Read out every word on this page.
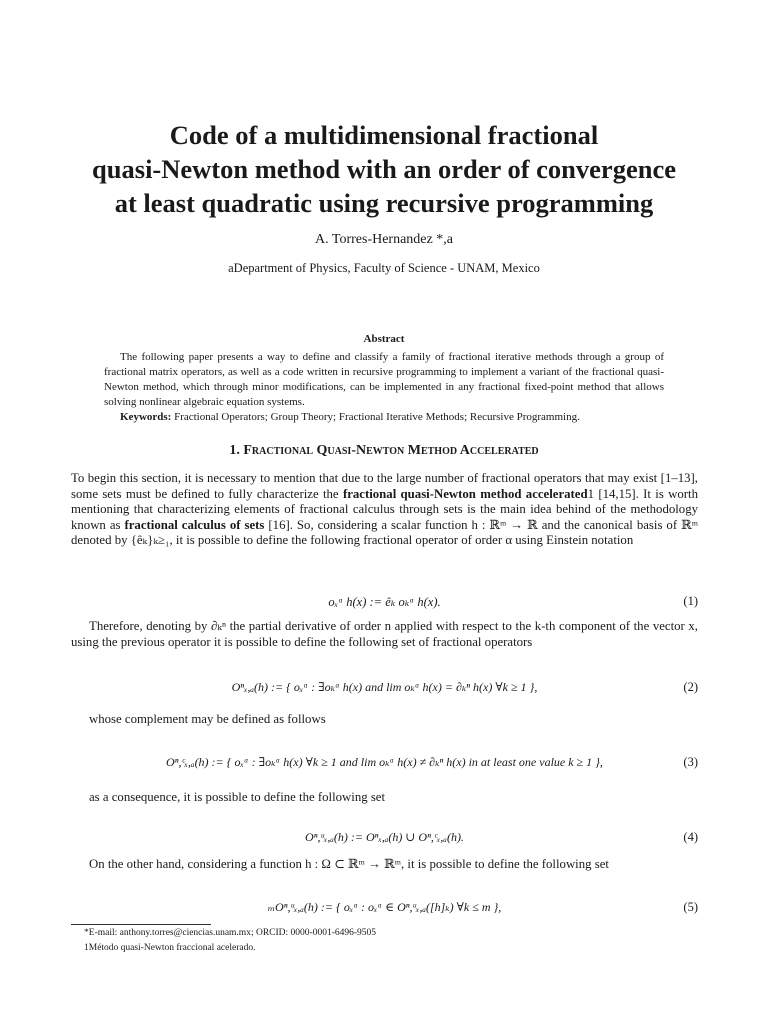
Code of a multidimensional fractional
quasi-Newton method with an order of convergence
at least quadratic using recursive programming
A. Torres-Hernandez *,a
aDepartment of Physics, Faculty of Science - UNAM, Mexico
Abstract

The following paper presents a way to define and classify a family of fractional iterative methods through a group of fractional matrix operators, as well as a code written in recursive programming to implement a variant of the fractional quasi-Newton method, which through minor modifications, can be implemented in any fractional fixed-point method that allows solving nonlinear algebraic equation systems.

Keywords: Fractional Operators; Group Theory; Fractional Iterative Methods; Recursive Programming.

1. Fractional Quasi-Newton Method Accelerated

To begin this section, it is necessary to mention that due to the large number of fractional operators that may exist [1–13], some sets must be defined to fully characterize the fractional quasi-Newton method accelerated1 [14,15]. It is worth mentioning that characterizing elements of fractional calculus through sets is the main idea behind of the methodology known as fractional calculus of sets [16]. So, considering a scalar function h : ℝᵐ → ℝ and the canonical basis of ℝᵐ denoted by {êₖ}ₖ≥₁, it is possible to define the following fractional operator of order α using Einstein notation

oₓᵅ h(x) := êₖ oₖᵅ h(x).	(1)

Therefore, denoting by ∂ₖⁿ the partial derivative of order n applied with respect to the k-th component of the vector x, using the previous operator it is possible to define the following set of fractional operators

Oⁿₓ,ₐ(h) := { oₓᵅ : ∃oₖᵅ h(x) and lim oₖᵅ h(x) = ∂ₖⁿ h(x) ∀k ≥ 1 },	(2)
whose complement may be defined as follows
Oⁿ,ᶜₓ,ₐ(h) := { oₓᵅ : ∃oₖᵅ h(x) ∀k ≥ 1 and lim oₖᵅ h(x) ≠ ∂ₖⁿ h(x) in at least one value k ≥ 1 },	(3)
as a consequence, it is possible to define the following set
Oⁿ,ᵘₓ,ₐ(h) := Oⁿₓ,ₐ(h) ∪ Oⁿ,ᶜₓ,ₐ(h).	(4)
On the other hand, considering a function h : Ω ⊂ ℝᵐ → ℝᵐ, it is possible to define the following set
ₘOⁿ,ᵘₓ,ₐ(h) := { oₓᵅ : oₓᵅ ∈ Oⁿ,ᵘₓ,ₐ([h]ₖ) ∀k ≤ m },	(5)
*E-mail: anthony.torres@ciencias.unam.mx; ORCID: 0000-0001-6496-9505
1Método quasi-Newton fraccional acelerado.
